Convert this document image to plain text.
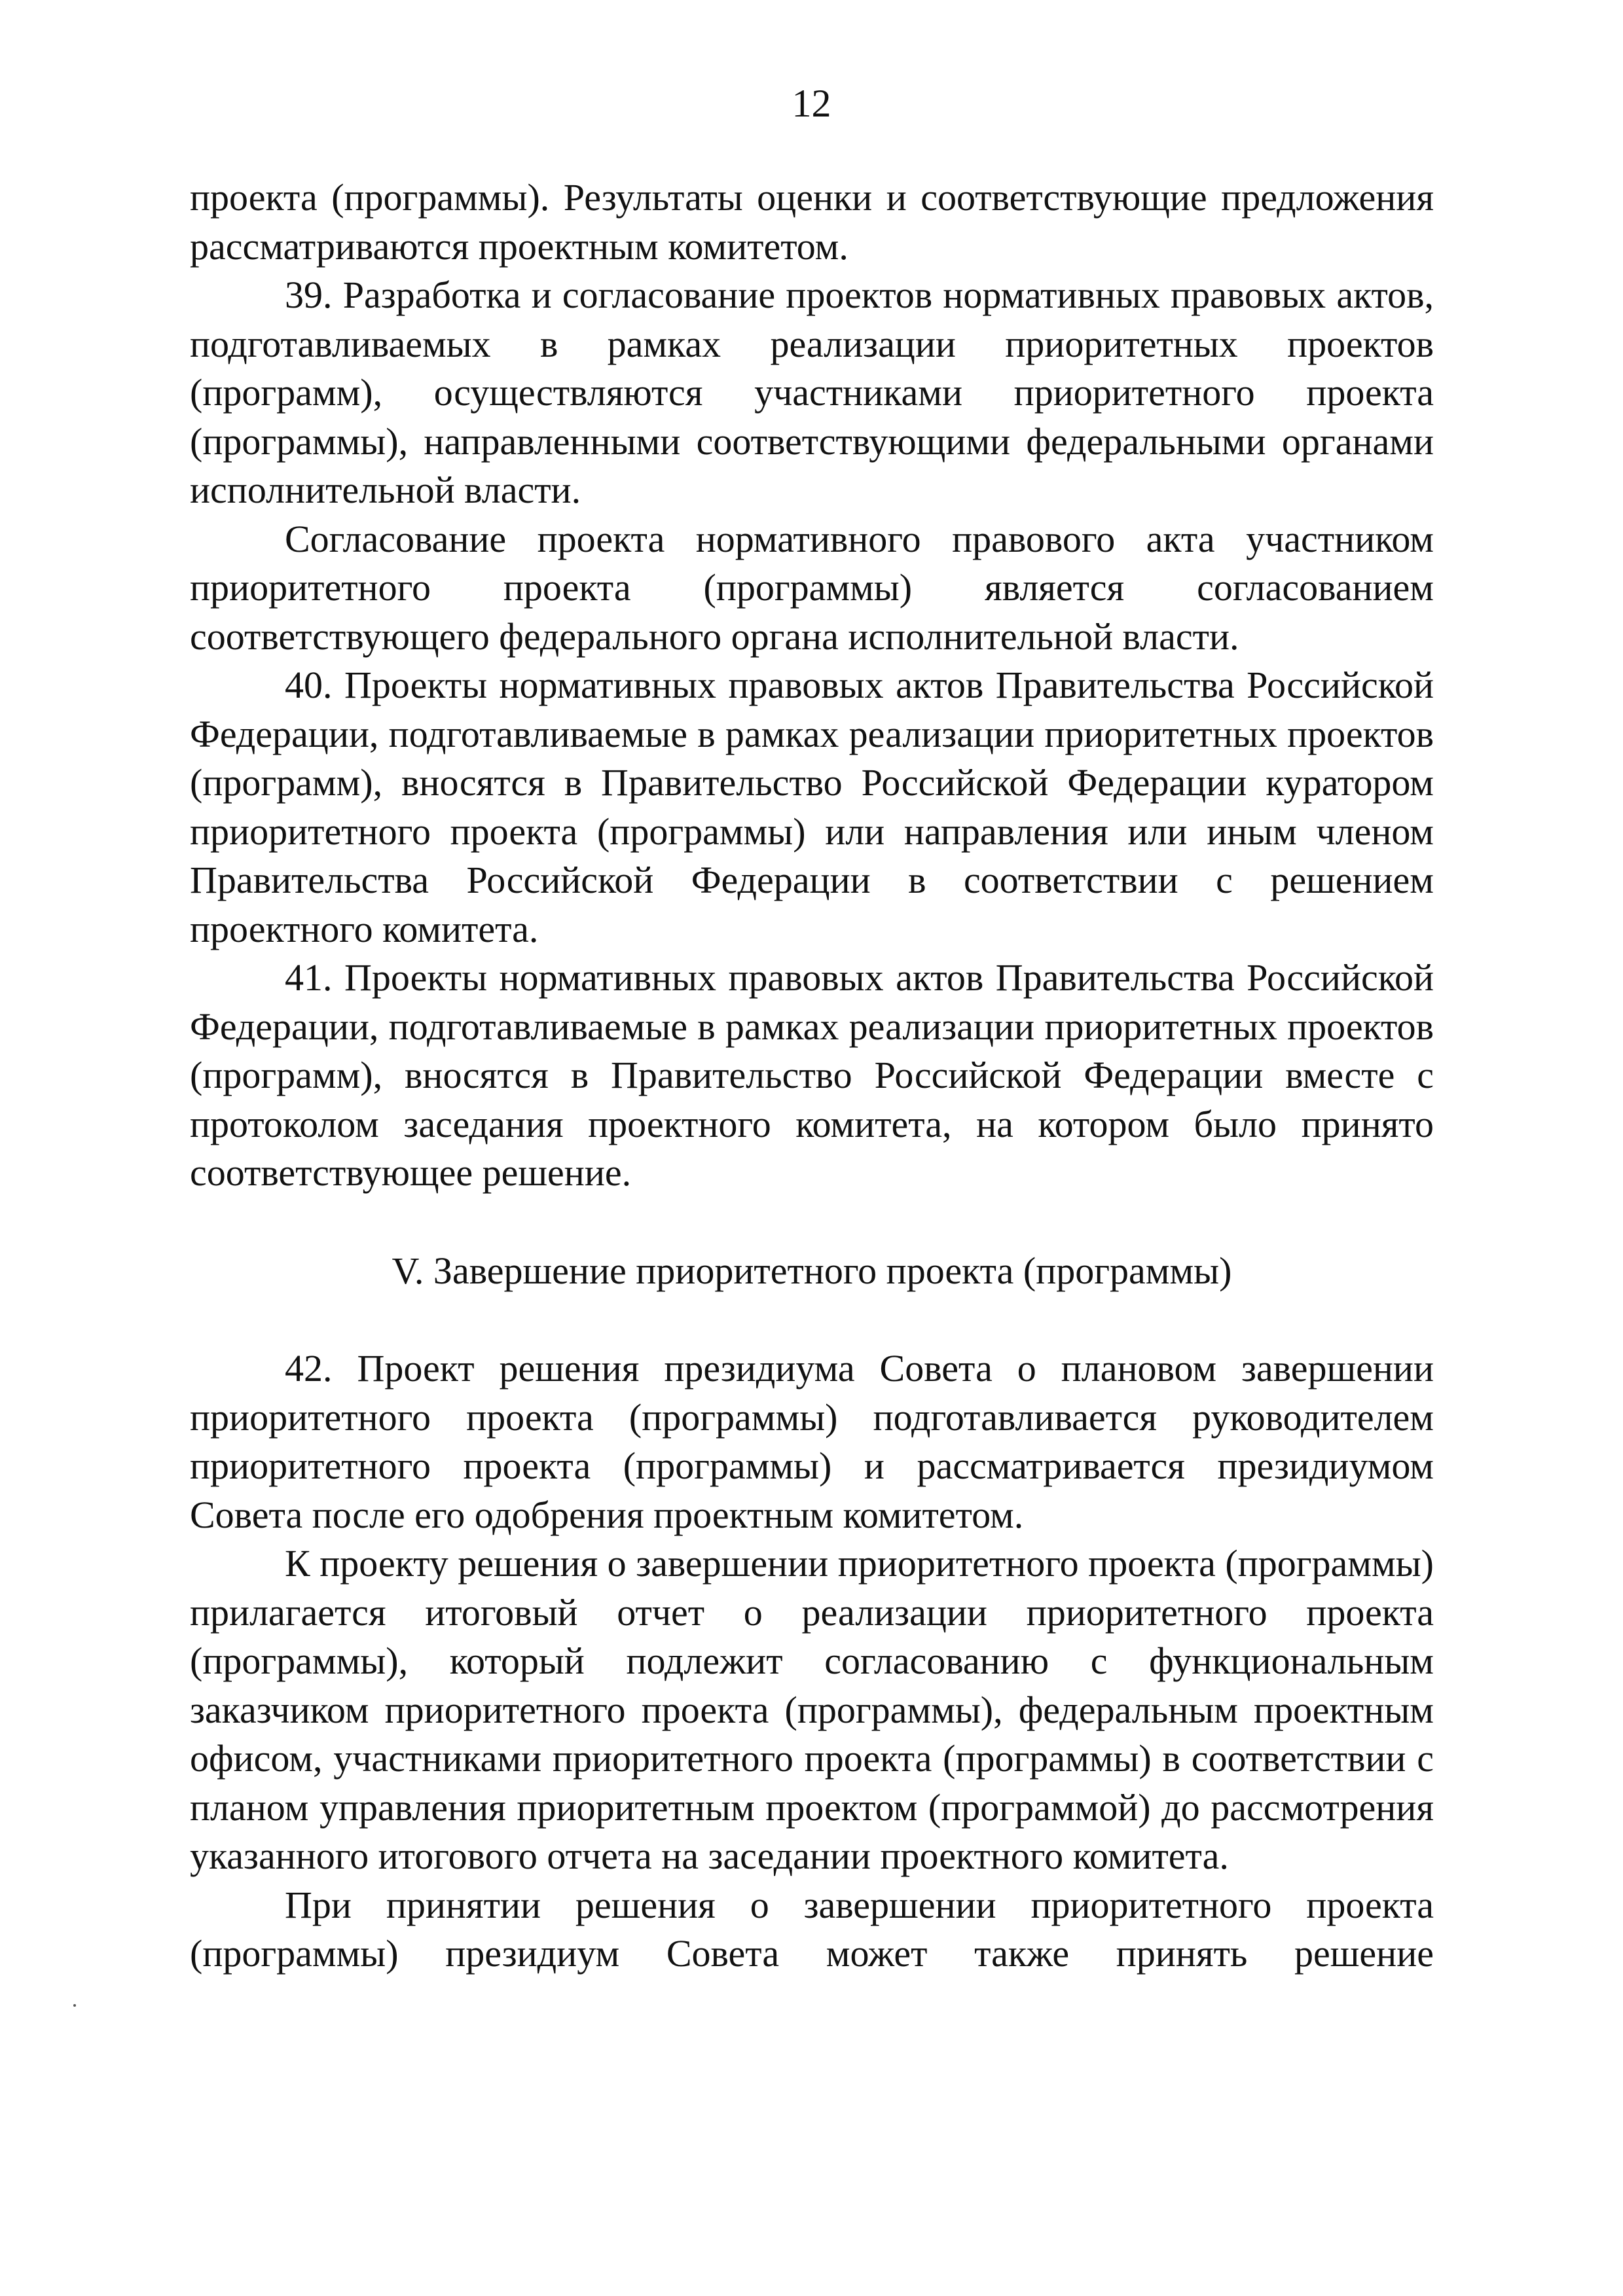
12

проекта (программы). Результаты оценки и соответствующие предложения рассматриваются проектным комитетом.

39. Разработка и согласование проектов нормативных правовых актов, подготавливаемых в рамках реализации приоритетных проектов (программ), осуществляются участниками приоритетного проекта (программы), направленными соответствующими федеральными органами исполнительной власти.

Согласование проекта нормативного правового акта участником приоритетного проекта (программы) является согласованием соответствующего федерального органа исполнительной власти.

40. Проекты нормативных правовых актов Правительства Российской Федерации, подготавливаемые в рамках реализации приоритетных проектов (программ), вносятся в Правительство Российской Федерации куратором приоритетного проекта (программы) или направления или иным членом Правительства Российской Федерации в соответствии с решением проектного комитета.

41. Проекты нормативных правовых актов Правительства Российской Федерации, подготавливаемые в рамках реализации приоритетных проектов (программ), вносятся в Правительство Российской Федерации вместе с протоколом заседания проектного комитета, на котором было принято соответствующее решение.

V. Завершение приоритетного проекта (программы)

42. Проект решения президиума Совета о плановом завершении приоритетного проекта (программы) подготавливается руководителем приоритетного проекта (программы) и рассматривается президиумом Совета после его одобрения проектным комитетом.

К проекту решения о завершении приоритетного проекта (программы) прилагается итоговый отчет о реализации приоритетного проекта (программы), который подлежит согласованию с функциональным заказчиком приоритетного проекта (программы), федеральным проектным офисом, участниками приоритетного проекта (программы) в соответствии с планом управления приоритетным проектом (программой) до рассмотрения указанного итогового отчета на заседании проектного комитета.

При принятии решения о завершении приоритетного проекта (программы) президиум Совета может также принять решение
